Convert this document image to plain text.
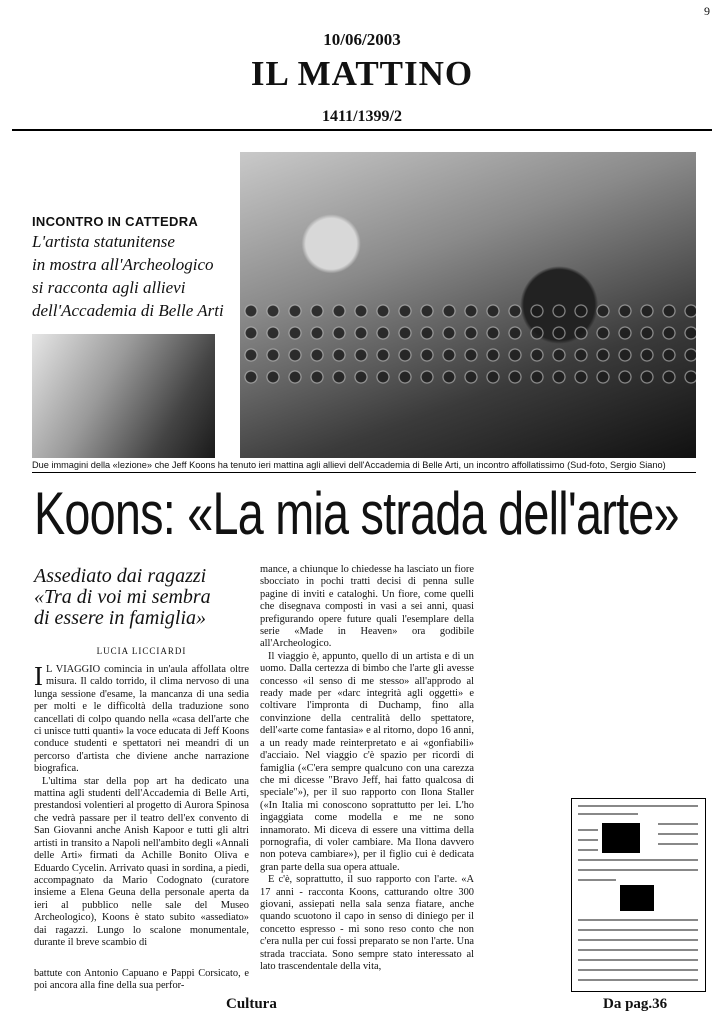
9
10/06/2003
IL MATTINO
1411/1399/2
INCONTRO IN CATTEDRA
L'artista statunitense
in mostra all'Archeologico
si racconta agli allievi
dell'Accademia di Belle Arti
Due immagini della «lezione» che Jeff Koons ha tenuto ieri mattina agli allievi dell'Accademia di Belle Arti, un incontro affollatissimo (Sud-foto, Sergio Siano)
Koons: «La mia strada dell'arte»
Assediato dai ragazzi
«Tra di voi mi sembra
di essere in famiglia»
LUCIA LICCIARDI
I L VIAGGIO comincia in un'aula affollata oltre misura. Il caldo torrido, il clima nervoso di una lunga sessione d'esame, la mancanza di una sedia per molti e le difficoltà della traduzione sono cancellati di colpo quando nella «casa dell'arte che ci unisce tutti quanti» la voce educata di Jeff Koons conduce studenti e spettatori nei meandri di un percorso d'artista che diviene anche narrazione biografica.

L'ultima star della pop art ha dedicato una mattina agli studenti dell'Accademia di Belle Arti, prestandosi volentieri al progetto di Aurora Spinosa che vedrà passare per il teatro dell'ex convento di San Giovanni anche Anish Kapoor e tutti gli altri artisti in transito a Napoli nell'ambito degli «Annali delle Arti» firmati da Achille Bonito Oliva e Eduardo Cycelin. Arrivato quasi in sordina, a piedi, accompagnato da Mario Codognato (curatore insieme a Elena Geuna della personale aperta da ieri al pubblico nelle sale del Museo Archeologico), Koons è stato subito «assediato» dai ragazzi. Lungo lo scalone monumentale, durante il breve scambio di

battute con Antonio Capuano e Pappi Corsicato, e poi ancora alla fine della sua perfor-

mance, a chiunque lo chiedesse ha lasciato un fiore sbocciato in pochi tratti decisi di penna sulle pagine di inviti e cataloghi. Un fiore, come quelli che disegnava composti in vasi a sei anni, quasi prefigurando opere future quali l'esemplare della serie «Made in Heaven» ora godibile all'Archeologico.

Il viaggio è, appunto, quello di un artista e di un uomo. Dalla certezza di bimbo che l'arte gli avesse concesso «il senso di me stesso» all'approdo al ready made per «darc integrità agli oggetti» e coltivare l'impronta di Duchamp, fino alla convinzione della centralità dello spettatore, dell'«arte come fantasia» e al ritorno, dopo 16 anni, a un ready made reinterpretato e ai «gonfiabili» d'acciaio. Nel viaggio c'è spazio per ricordi di famiglia («C'era sempre qualcuno con una carezza che mi dicesse "Bravo Jeff, hai fatto qualcosa di speciale"»), per il suo rapporto con Ilona Staller («In Italia mi conoscono soprattutto per lei. L'ho ingaggiata come modella e me ne sono innamorato. Mi diceva di essere una vittima della pornografia, di voler cambiare. Ma Ilona davvero non poteva cambiare»), per il figlio cui è dedicata gran parte della sua opera attuale.

E c'è, soprattutto, il suo rapporto con l'arte. «A 17 anni - racconta Koons, catturando oltre 300 giovani, assiepati nella sala senza fiatare, anche quando scuotono il capo in senso di diniego per il concetto espresso - mi sono reso conto che non c'era nulla per cui fossi preparato se non l'arte. Una strada tracciata. Sono sempre stato interessato al lato trascendentale della vita,

Cultura	Da pag.36
